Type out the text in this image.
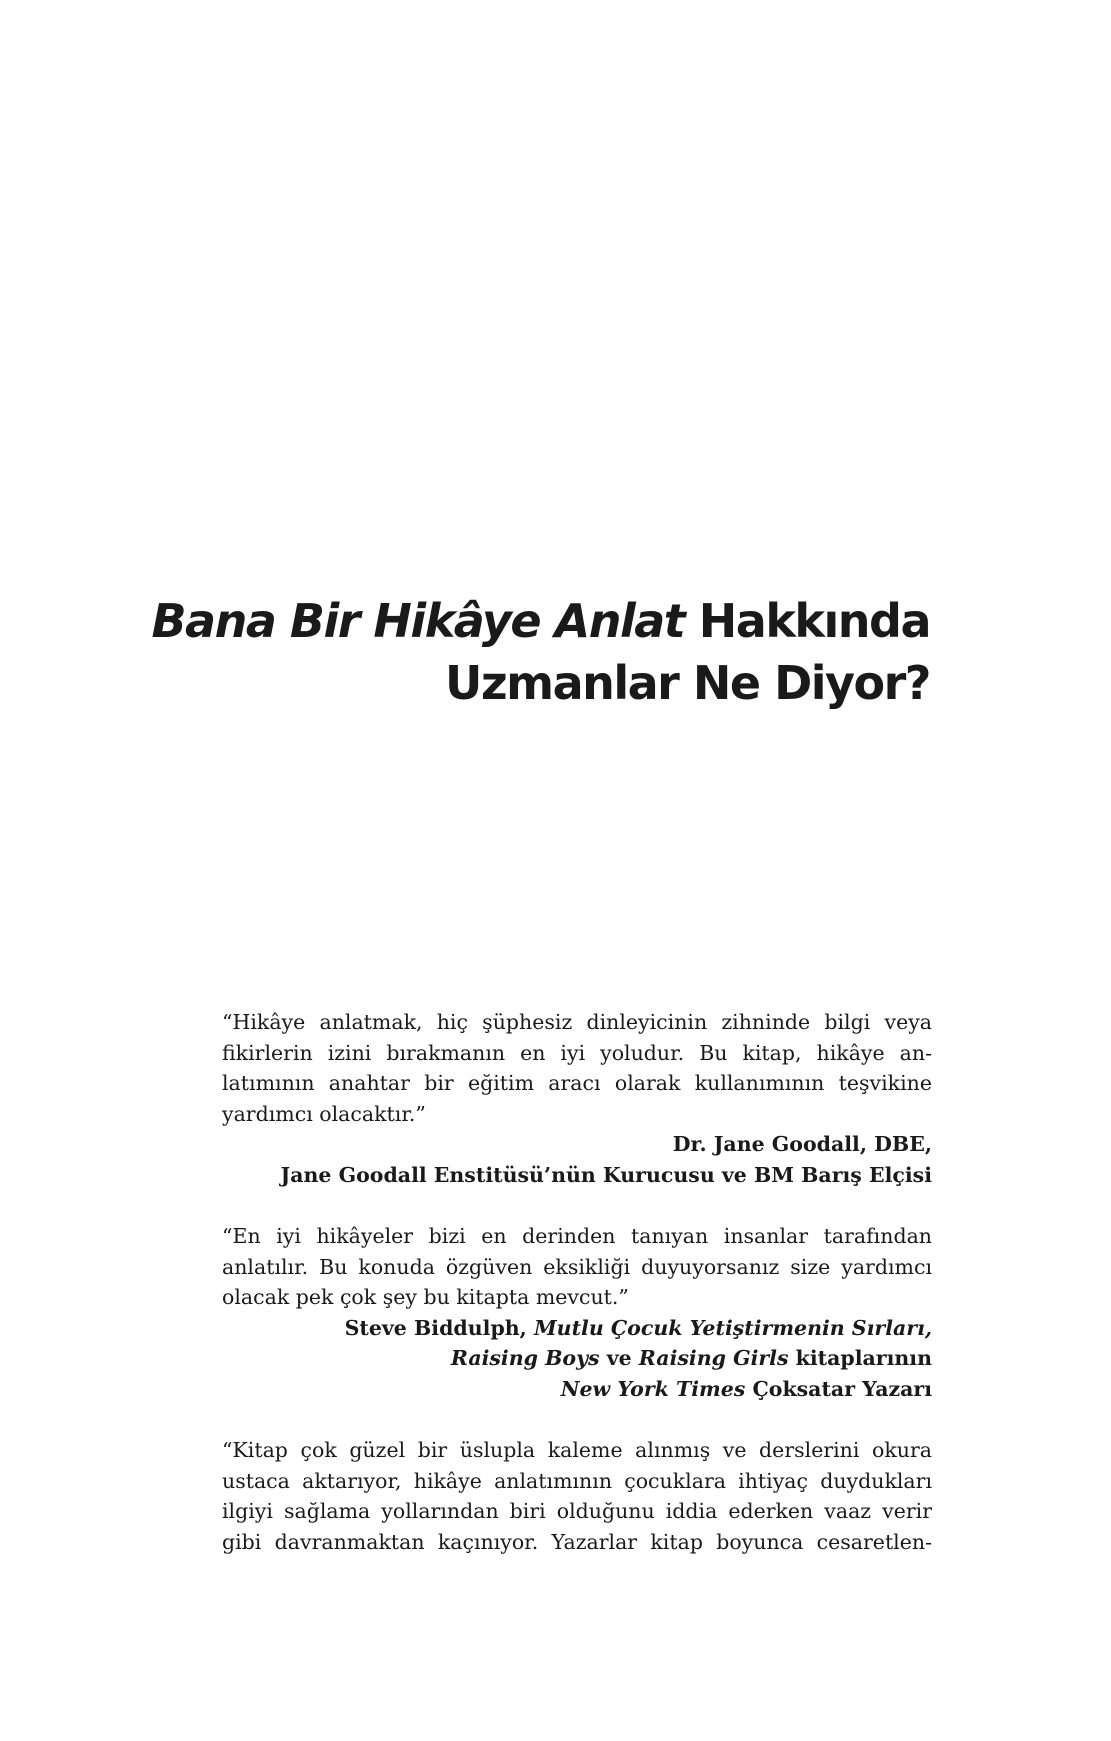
Bana Bir Hikâye Anlat Hakkında
Uzmanlar Ne Diyor?
“Hikâye anlatmak, hiç şüphesiz dinleyicinin zihninde bilgi veya
fikirlerin izini bırakmanın en iyi yoludur. Bu kitap, hikâye an-
latımının anahtar bir eğitim aracı olarak kullanımının teşvikine
yardımcı olacaktır.”
Dr. Jane Goodall, DBE,
Jane Goodall Enstitüsü’nün Kurucusu ve BM Barış Elçisi
“En iyi hikâyeler bizi en derinden tanıyan insanlar tarafından
anlatılır. Bu konuda özgüven eksikliği duyuyorsanız size yardımcı
olacak pek çok şey bu kitapta mevcut.”
Steve Biddulph, Mutlu Çocuk Yetiştirmenin Sırları,
Raising Boys ve Raising Girls kitaplarının
New York Times Çoksatar Yazarı
“Kitap çok güzel bir üslupla kaleme alınmış ve derslerini okura
ustaca aktarıyor, hikâye anlatımının çocuklara ihtiyaç duydukları
ilgiyi sağlama yollarından biri olduğunu iddia ederken vaaz verir
gibi davranmaktan kaçınıyor. Yazarlar kitap boyunca cesaretlen-
